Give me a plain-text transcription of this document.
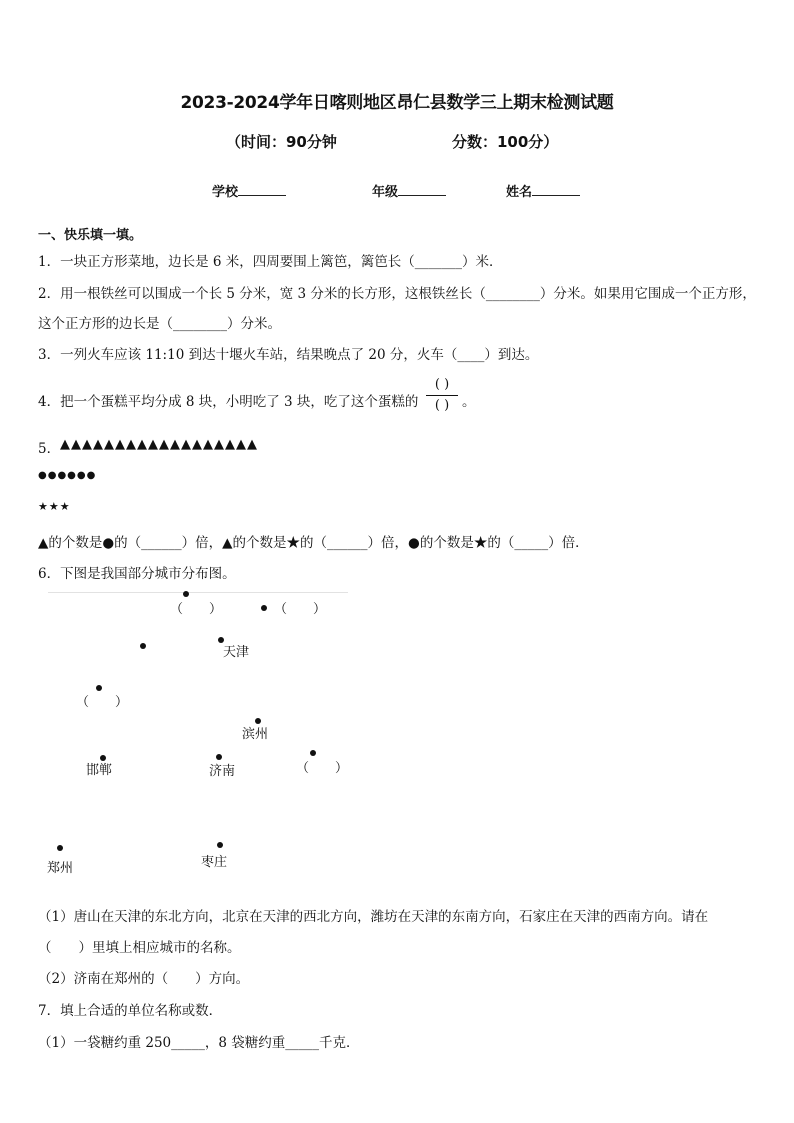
2023-2024学年日喀则地区昂仁县数学三上期末检测试题
（时间：90分钟	分数：100分）
学校	年级	姓名
一、快乐填一填。
1．一块正方形菜地，边长是 6 米，四周要围上篱笆，篱笆长（_______）米．
2．用一根铁丝可以围成一个长 5 分米，宽 3 分米的长方形，这根铁丝长（________）分米。如果用它围成一个正方形，
这个正方形的边长是（________）分米。
3．一列火车应该 11:10 到达十堰火车站，结果晚点了 20 分，火车（____）到达。
4．把一个蛋糕平均分成 8 块，小明吃了 3 块，吃了这个蛋糕的
( )
( ) 。
5． ▲▲▲▲▲▲▲▲▲▲▲▲▲▲▲▲▲▲
●●●●●●
★★★
▲的个数是●的（______）倍，▲的个数是★的（______）倍，●的个数是★的（_____）倍．
6．下图是我国部分城市分布图。
（　　）	（　　）
天津
（　　）
滨州
邯郸	济南	（　　）
郑州	枣庄
（1）唐山在天津的东北方向，北京在天津的西北方向，潍坊在天津的东南方向，石家庄在天津的西南方向。请在
（　　）里填上相应城市的名称。
（2）济南在郑州的（　　）方向。
7．填上合适的单位名称或数．
（1）一袋糖约重 250_____，8 袋糖约重_____千克．
